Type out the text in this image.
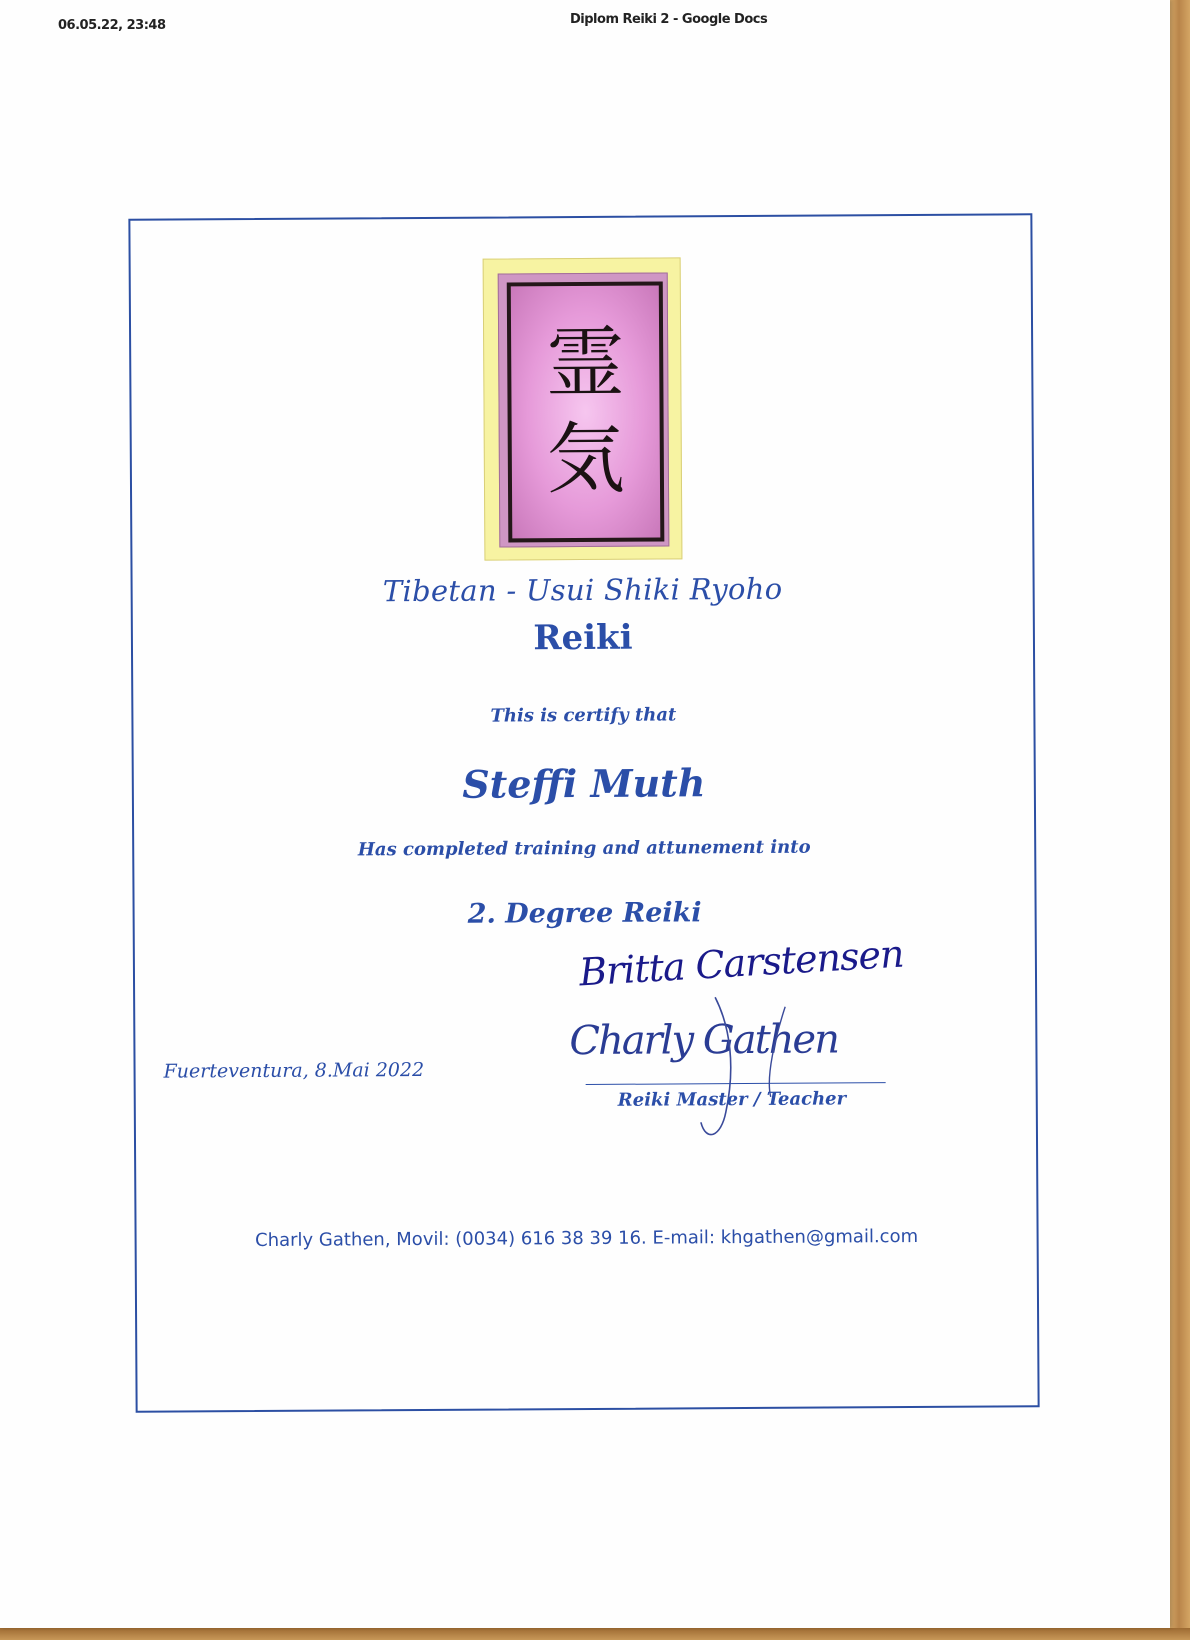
06.05.22, 23:48	Diplom Reiki 2 - Google Docs
霊
気
Tibetan - Usui Shiki Ryoho
Reiki
This is certify that
Steffi Muth
Has completed training and attunement into
2. Degree Reiki
Fuerteventura, 8.Mai 2022
Britta Carstensen
Charly Gathen
Reiki Master / Teacher
Charly Gathen, Movil: (0034) 616 38 39 16. E-mail: khgathen@gmail.com
